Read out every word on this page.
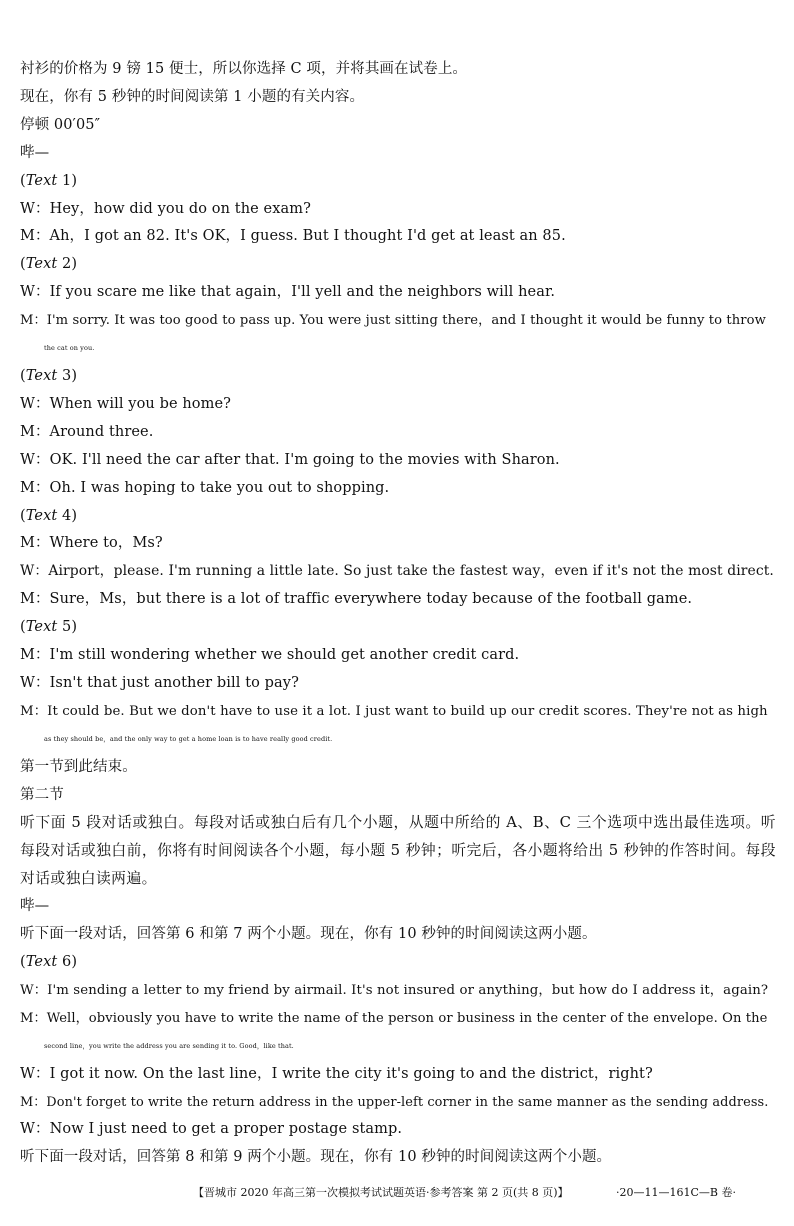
衬衫的价格为 9 镑 15 便士，所以你选择 C 项，并将其画在试卷上。
现在，你有 5 秒钟的时间阅读第 1 小题的有关内容。
停顿 00′05″
哔—
(Text 1)
W：Hey，how did you do on the exam?
M：Ah，I got an 82. It's OK，I guess. But I thought I'd get at least an 85.
(Text 2)
W：If you scare me like that again，I'll yell and the neighbors will hear.
M：I'm sorry. It was too good to pass up. You were just sitting there，and I thought it would be funny to throw
the cat on you.
(Text 3)
W：When will you be home?
M：Around three.
W：OK. I'll need the car after that. I'm going to the movies with Sharon.
M：Oh. I was hoping to take you out to shopping.
(Text 4)
M：Where to，Ms?
W：Airport，please. I'm running a little late. So just take the fastest way，even if it's not the most direct.
M：Sure，Ms，but there is a lot of traffic everywhere today because of the football game.
(Text 5)
M：I'm still wondering whether we should get another credit card.
W：Isn't that just another bill to pay?
M：It could be. But we don't have to use it a lot. I just want to build up our credit scores. They're not as high
as they should be，and the only way to get a home loan is to have really good credit.
第一节到此结束。
第二节
听下面 5 段对话或独白。每段对话或独白后有几个小题，从题中所给的 A、B、C 三个选项中选出最佳选项。听每段对话或独白前，你将有时间阅读各个小题，每小题 5 秒钟；听完后，各小题将给出 5 秒钟的作答时间。每段对话或独白读两遍。
哔—
听下面一段对话，回答第 6 和第 7 两个小题。现在，你有 10 秒钟的时间阅读这两小题。
(Text 6)
W：I'm sending a letter to my friend by airmail. It's not insured or anything，but how do I address it，again?
M：Well，obviously you have to write the name of the person or business in the center of the envelope. On the
second line，you write the address you are sending it to. Good，like that.
W：I got it now. On the last line，I write the city it's going to and the district，right?
M：Don't forget to write the return address in the upper-left corner in the same manner as the sending address.
W：Now I just need to get a proper postage stamp.
听下面一段对话，回答第 8 和第 9 两个小题。现在，你有 10 秒钟的时间阅读这两个小题。
【晋城市 2020 年高三第一次模拟考试试题英语·参考答案 第 2 页(共 8 页)】	·20—11—161C—B 卷·
